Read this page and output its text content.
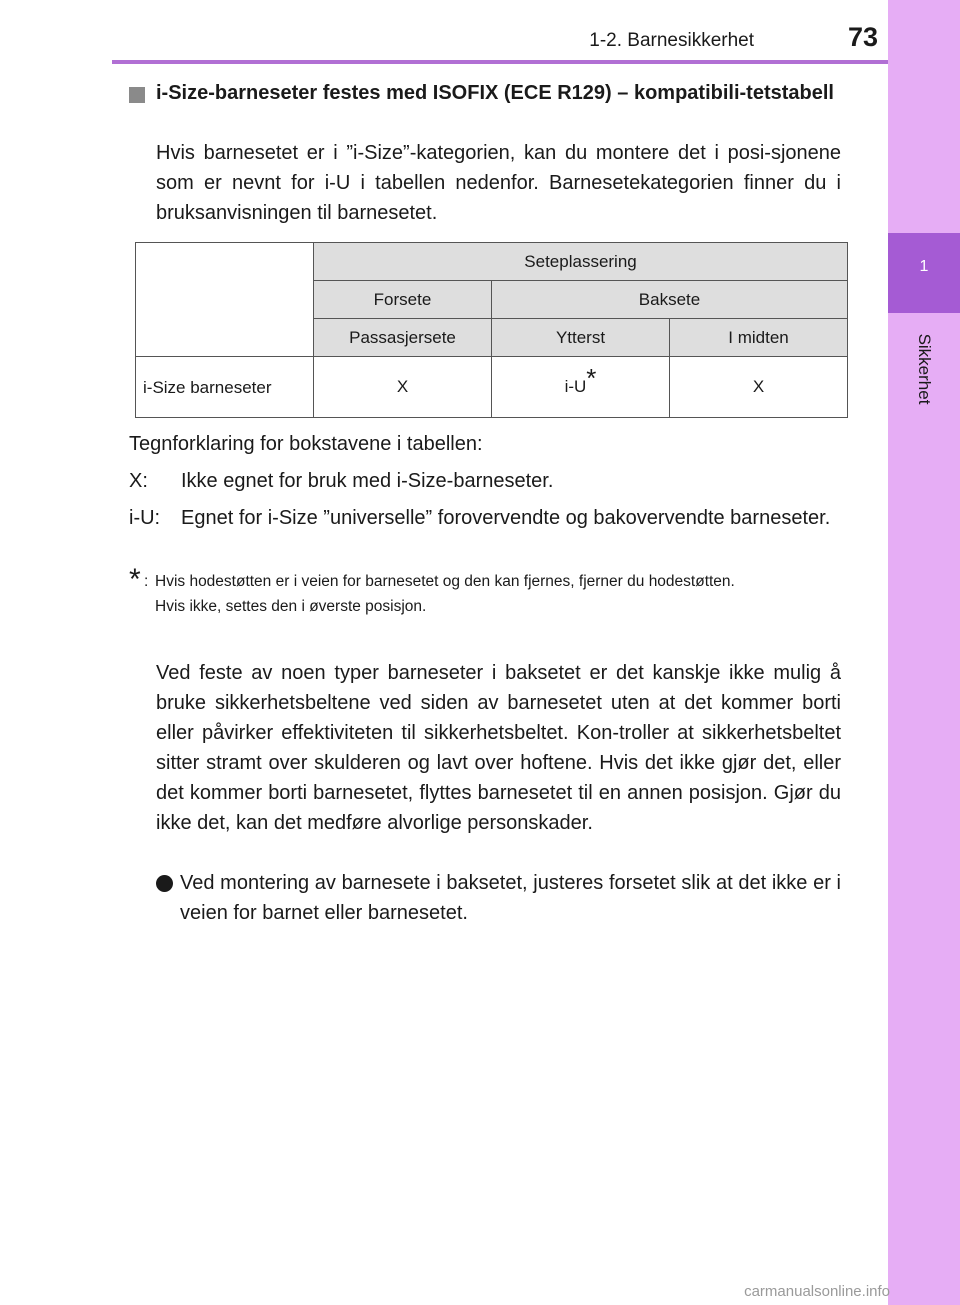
1-2. Barnesikkerhet	73
1
Sikkerhet
i-Size-barneseter festes med ISOFIX (ECE R129) – kompatibili-tetstabell
Hvis barnesetet er i ”i-Size”-kategorien, kan du montere det i posi-sjonene som er nevnt for i-U i tabellen nedenfor. Barnesetekategorien finner du i bruksanvisningen til barnesetet.
	Seteplassering		
	Forsete	Baksete	
	Passasjersete	Ytterst	I midten
i-Size barneseter	X	i-U*	X
Tegnforklaring for bokstavene i tabellen:
X: Ikke egnet for bruk med i-Size-barneseter.
i-U: Egnet for i-Size ”universelle” forovervendte og bakovervendte barneseter.
* : Hvis hodestøtten er i veien for barnesetet og den kan fjernes, fjerner du hodestøtten.
Hvis ikke, settes den i øverste posisjon.
Ved feste av noen typer barneseter i baksetet er det kanskje ikke mulig å bruke sikkerhetsbeltene ved siden av barnesetet uten at det kommer borti eller påvirker effektiviteten til sikkerhetsbeltet. Kon-troller at sikkerhetsbeltet sitter stramt over skulderen og lavt over hoftene. Hvis det ikke gjør det, eller det kommer borti barnesetet, flyttes barnesetet til en annen posisjon. Gjør du ikke det, kan det medføre alvorlige personskader.
Ved montering av barnesete i baksetet, justeres forsetet slik at det ikke er i veien for barnet eller barnesetet.
carmanualsonline.info
